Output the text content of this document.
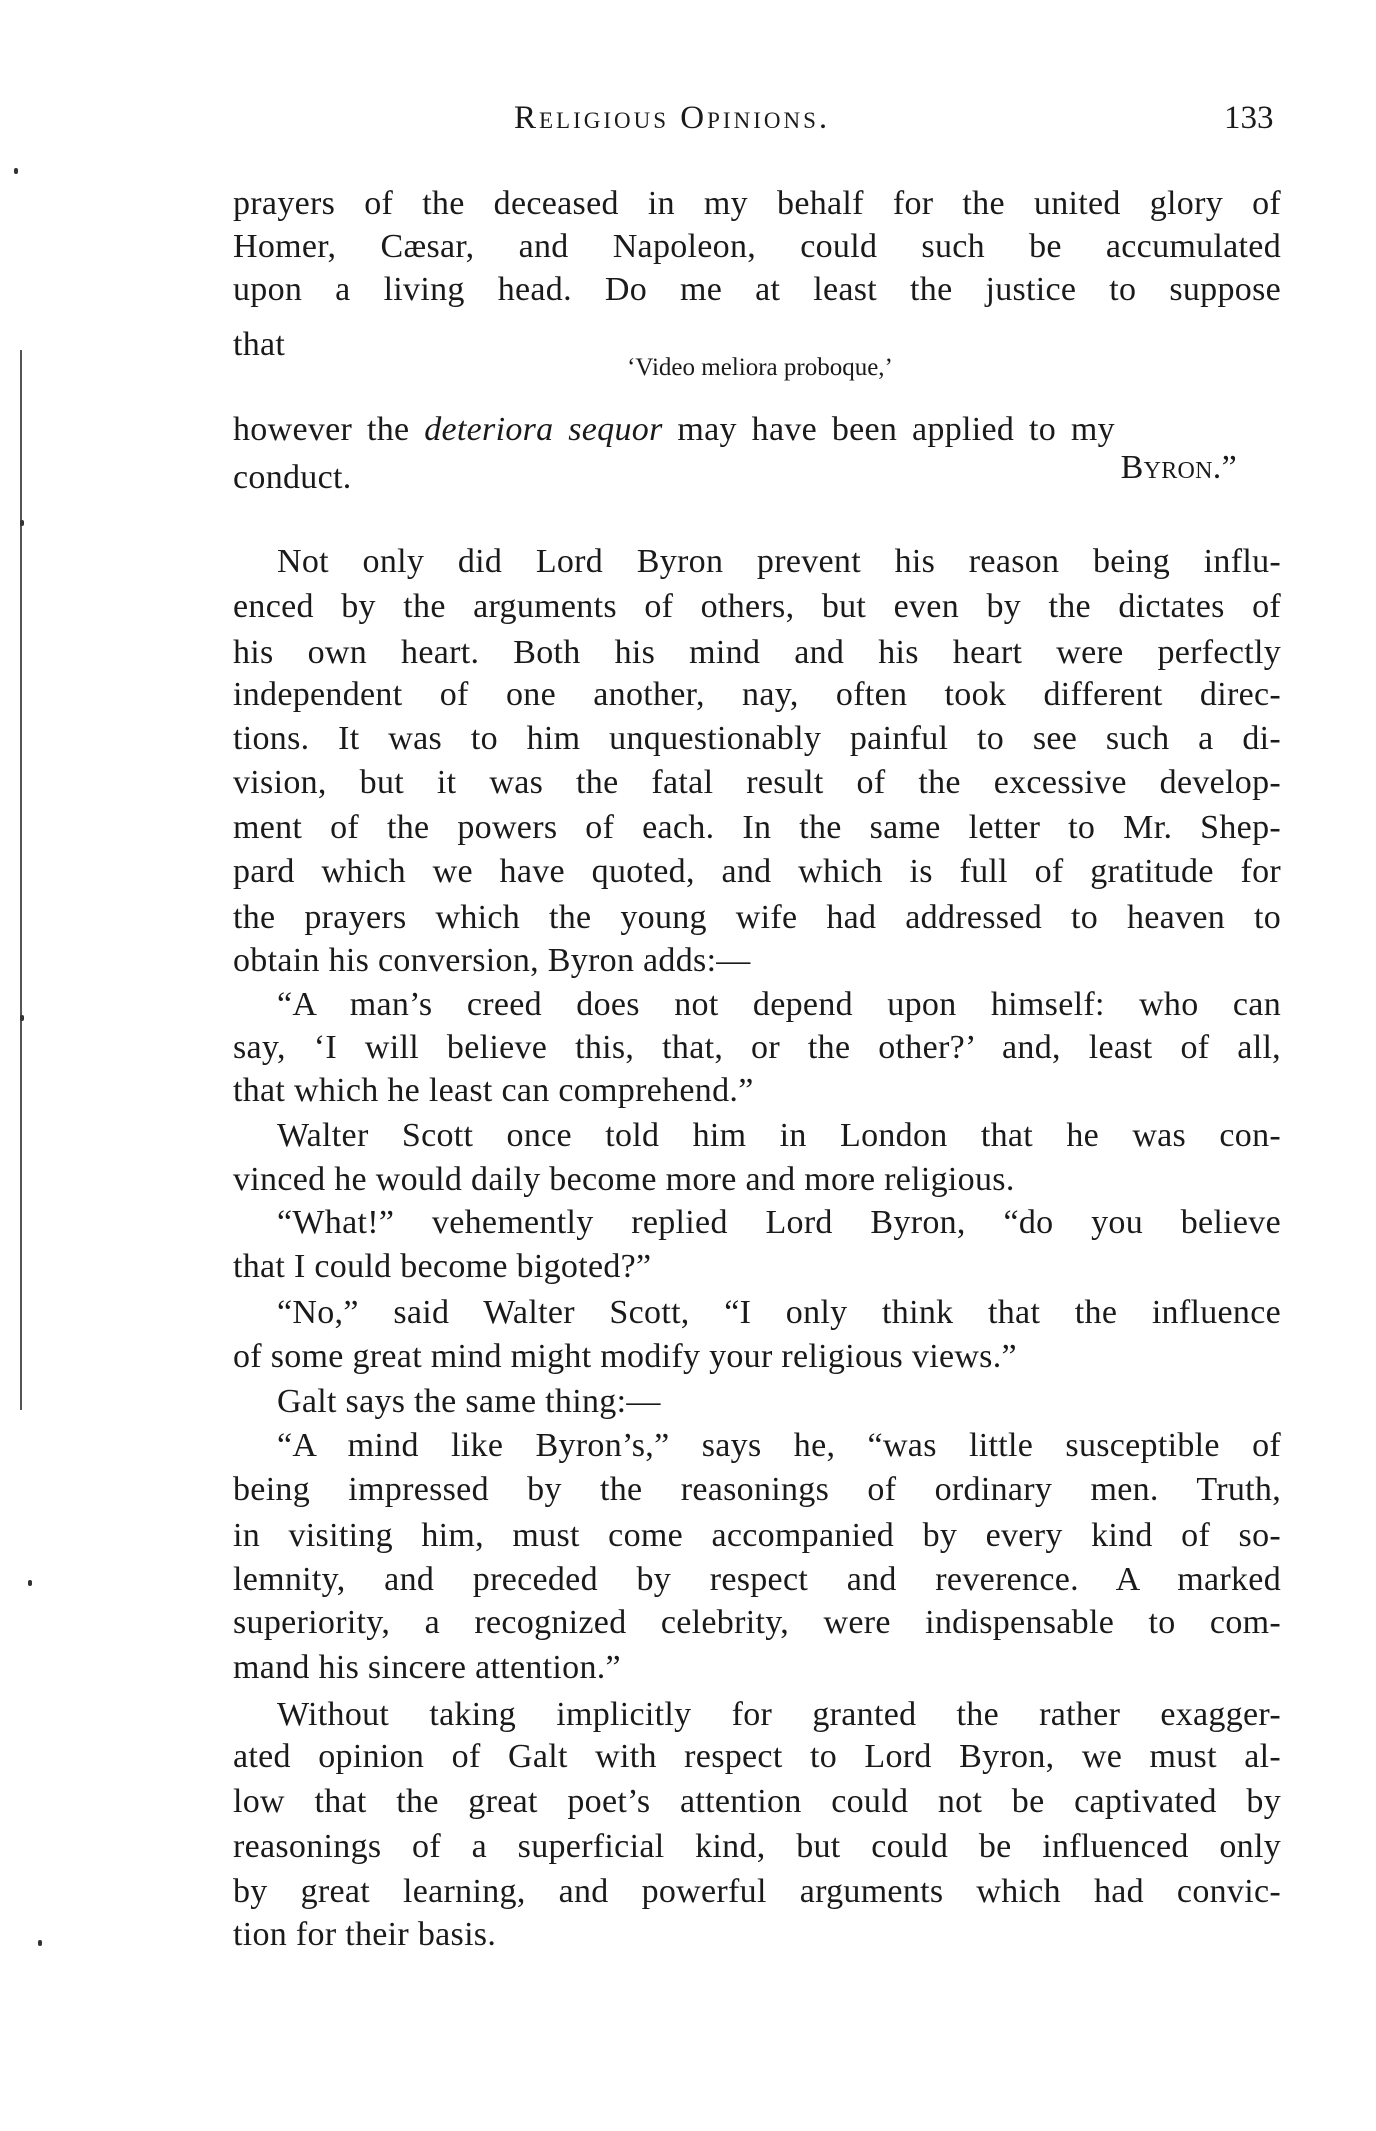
Religious Opinions.	133
prayers of the deceased in my behalf for the united glory of
Homer, Cæsar, and Napoleon, could such be accumulated
upon a living head. Do me at least the justice to suppose
that
‘Video meliora proboque,’
however the deteriora sequor may have been applied to my
conduct.	Byron.”
Not only did Lord Byron prevent his reason being influ-
enced by the arguments of others, but even by the dictates of
his own heart. Both his mind and his heart were perfectly
independent of one another, nay, often took different direc-
tions. It was to him unquestionably painful to see such a di-
vision, but it was the fatal result of the excessive develop-
ment of the powers of each. In the same letter to Mr. Shep-
pard which we have quoted, and which is full of gratitude for
the prayers which the young wife had addressed to heaven to
obtain his conversion, Byron adds:—
“A man’s creed does not depend upon himself: who can
say, ‘I will believe this, that, or the other?’ and, least of all,
that which he least can comprehend.”
Walter Scott once told him in London that he was con-
vinced he would daily become more and more religious.
“What!” vehemently replied Lord Byron, “do you believe
that I could become bigoted?”
“No,” said Walter Scott, “I only think that the influence
of some great mind might modify your religious views.”
Galt says the same thing:—
“A mind like Byron’s,” says he, “was little susceptible of
being impressed by the reasonings of ordinary men. Truth,
in visiting him, must come accompanied by every kind of so-
lemnity, and preceded by respect and reverence. A marked
superiority, a recognized celebrity, were indispensable to com-
mand his sincere attention.”
Without taking implicitly for granted the rather exagger-
ated opinion of Galt with respect to Lord Byron, we must al-
low that the great poet’s attention could not be captivated by
reasonings of a superficial kind, but could be influenced only
by great learning, and powerful arguments which had convic-
tion for their basis.
